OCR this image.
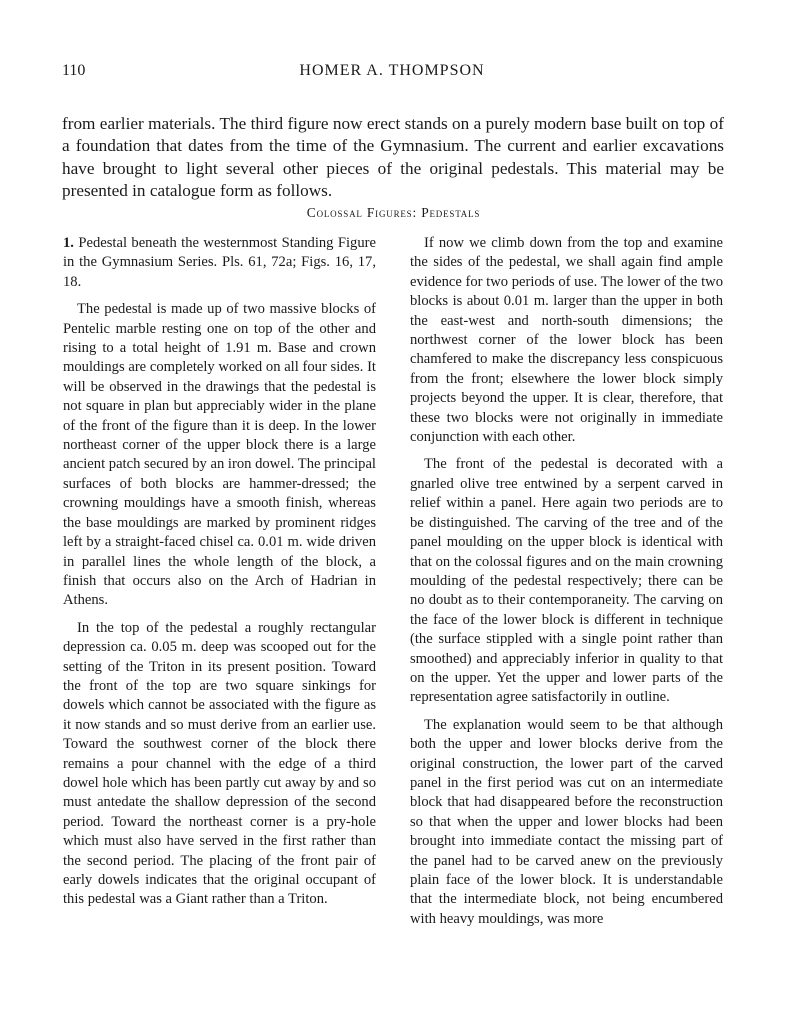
110	HOMER A. THOMPSON

from earlier materials. The third figure now erect stands on a purely modern base built on top of a foundation that dates from the time of the Gymnasium. The current and earlier excavations have brought to light several other pieces of the original pedestals. This material may be presented in catalogue form as follows.

Colossal Figures: Pedestals

1. Pedestal beneath the westernmost Standing Figure in the Gymnasium Series. Pls. 61, 72a; Figs. 16, 17, 18.

The pedestal is made up of two massive blocks of Pentelic marble resting one on top of the other and rising to a total height of 1.91 m. Base and crown mouldings are completely worked on all four sides. It will be observed in the drawings that the pedestal is not square in plan but appreciably wider in the plane of the front of the figure than it is deep. In the lower northeast corner of the upper block there is a large ancient patch secured by an iron dowel. The principal surfaces of both blocks are hammer-dressed; the crowning mouldings have a smooth finish, whereas the base mouldings are marked by prominent ridges left by a straight-faced chisel ca. 0.01 m. wide driven in parallel lines the whole length of the block, a finish that occurs also on the Arch of Hadrian in Athens.

In the top of the pedestal a roughly rectangular depression ca. 0.05 m. deep was scooped out for the setting of the Triton in its present position. Toward the front of the top are two square sinkings for dowels which cannot be associated with the figure as it now stands and so must derive from an earlier use. Toward the southwest corner of the block there remains a pour channel with the edge of a third dowel hole which has been partly cut away by and so must antedate the shallow depression of the second period. Toward the northeast corner is a pry-hole which must also have served in the first rather than the second period. The placing of the front pair of early dowels indicates that the original occupant of this pedestal was a Giant rather than a Triton.

If now we climb down from the top and examine the sides of the pedestal, we shall again find ample evidence for two periods of use. The lower of the two blocks is about 0.01 m. larger than the upper in both the east-west and north-south dimensions; the northwest corner of the lower block has been chamfered to make the discrepancy less conspicuous from the front; elsewhere the lower block simply projects beyond the upper. It is clear, therefore, that these two blocks were not originally in immediate conjunction with each other.

The front of the pedestal is decorated with a gnarled olive tree entwined by a serpent carved in relief within a panel. Here again two periods are to be distinguished. The carving of the tree and of the panel moulding on the upper block is identical with that on the colossal figures and on the main crowning moulding of the pedestal respectively; there can be no doubt as to their contemporaneity. The carving on the face of the lower block is different in technique (the surface stippled with a single point rather than smoothed) and appreciably inferior in quality to that on the upper. Yet the upper and lower parts of the representation agree satisfactorily in outline.

The explanation would seem to be that although both the upper and lower blocks derive from the original construction, the lower part of the carved panel in the first period was cut on an intermediate block that had disappeared before the reconstruction so that when the upper and lower blocks had been brought into immediate contact the missing part of the panel had to be carved anew on the previously plain face of the lower block. It is understandable that the intermediate block, not being encumbered with heavy mouldings, was more
